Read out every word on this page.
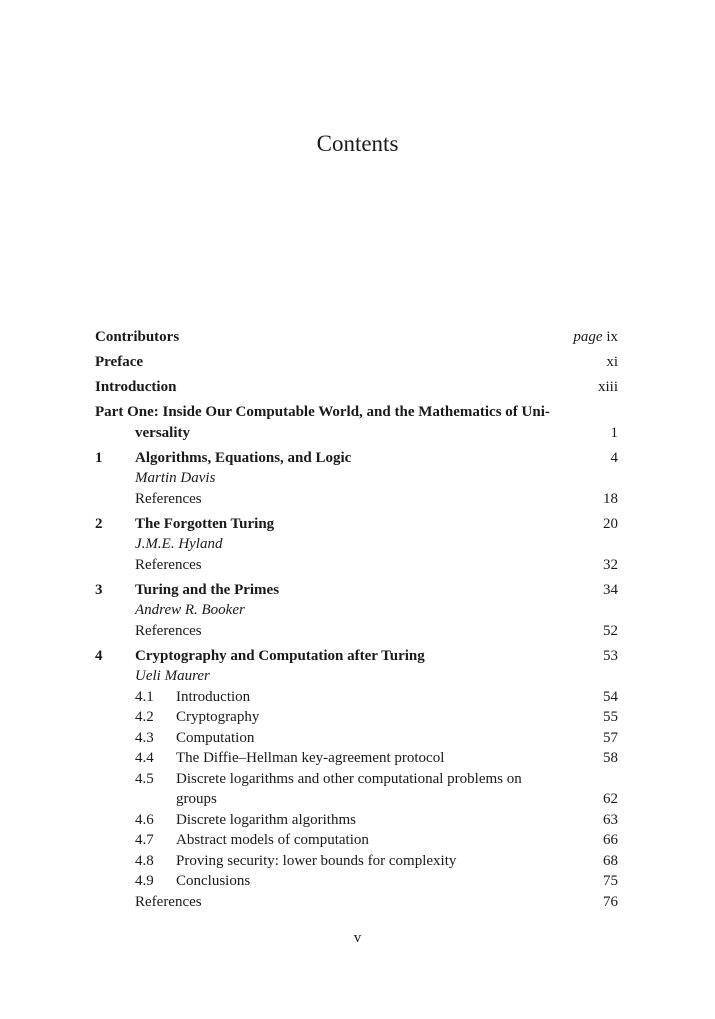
Contents
Contributors	page ix
Preface	xi
Introduction	xiii
Part One: Inside Our Computable World, and the Mathematics of Uni-
versality	1
1 Algorithms, Equations, and Logic	4
Martin Davis
References	18
2 The Forgotten Turing	20
J.M.E. Hyland
References	32
3 Turing and the Primes	34
Andrew R. Booker
References	52
4 Cryptography and Computation after Turing	53
Ueli Maurer
4.1 Introduction	54
4.2 Cryptography	55
4.3 Computation	57
4.4 The Diffie–Hellman key-agreement protocol	58
4.5 Discrete logarithms and other computational problems on
groups	62
4.6 Discrete logarithm algorithms	63
4.7 Abstract models of computation	66
4.8 Proving security: lower bounds for complexity	68
4.9 Conclusions	75
References	76
v
